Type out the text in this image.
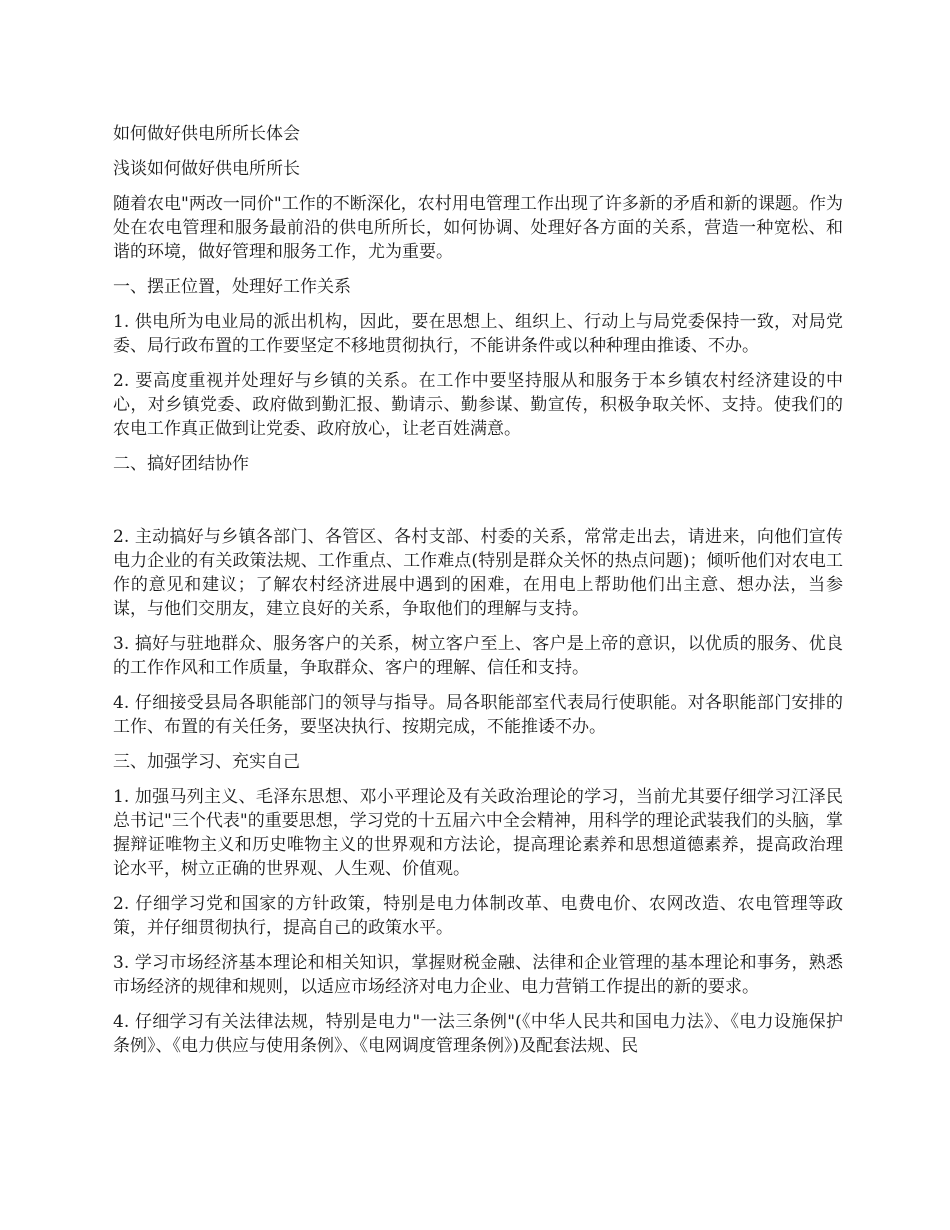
如何做好供电所所长体会

浅谈如何做好供电所所长

随着农电"两改一同价"工作的不断深化，农村用电管理工作出现了许多新的矛盾和新的课题。作为处在农电管理和服务最前沿的供电所所长，如何协调、处理好各方面的关系，营造一种宽松、和谐的环境，做好管理和服务工作，尤为重要。

一、摆正位置，处理好工作关系

1. 供电所为电业局的派出机构，因此，要在思想上、组织上、行动上与局党委保持一致，对局党委、局行政布置的工作要坚定不移地贯彻执行，不能讲条件或以种种理由推诿、不办。

2. 要高度重视并处理好与乡镇的关系。在工作中要坚持服从和服务于本乡镇农村经济建设的中心，对乡镇党委、政府做到勤汇报、勤请示、勤参谋、勤宣传，积极争取关怀、支持。使我们的农电工作真正做到让党委、政府放心，让老百姓满意。

二、搞好团结协作

2. 主动搞好与乡镇各部门、各管区、各村支部、村委的关系，常常走出去，请进来，向他们宣传电力企业的有关政策法规、工作重点、工作难点(特别是群众关怀的热点问题)；倾听他们对农电工作的意见和建议；了解农村经济进展中遇到的困难，在用电上帮助他们出主意、想办法，当参谋，与他们交朋友，建立良好的关系，争取他们的理解与支持。

3. 搞好与驻地群众、服务客户的关系，树立客户至上、客户是上帝的意识，以优质的服务、优良的工作作风和工作质量，争取群众、客户的理解、信任和支持。

4. 仔细接受县局各职能部门的领导与指导。局各职能部室代表局行使职能。对各职能部门安排的工作、布置的有关任务，要坚决执行、按期完成，不能推诿不办。

三、加强学习、充实自己

1. 加强马列主义、毛泽东思想、邓小平理论及有关政治理论的学习，当前尤其要仔细学习江泽民总书记"三个代表"的重要思想，学习党的十五届六中全会精神，用科学的理论武装我们的头脑，掌握辩证唯物主义和历史唯物主义的世界观和方法论，提高理论素养和思想道德素养，提高政治理论水平，树立正确的世界观、人生观、价值观。

2. 仔细学习党和国家的方针政策，特别是电力体制改革、电费电价、农网改造、农电管理等政策，并仔细贯彻执行，提高自己的政策水平。

3. 学习市场经济基本理论和相关知识，掌握财税金融、法律和企业管理的基本理论和事务，熟悉市场经济的规律和规则，以适应市场经济对电力企业、电力营销工作提出的新的要求。

4. 仔细学习有关法律法规，特别是电力"一法三条例"(《中华人民共和国电力法》、《电力设施保护条例》、《电力供应与使用条例》、《电网调度管理条例》)及配套法规、民
